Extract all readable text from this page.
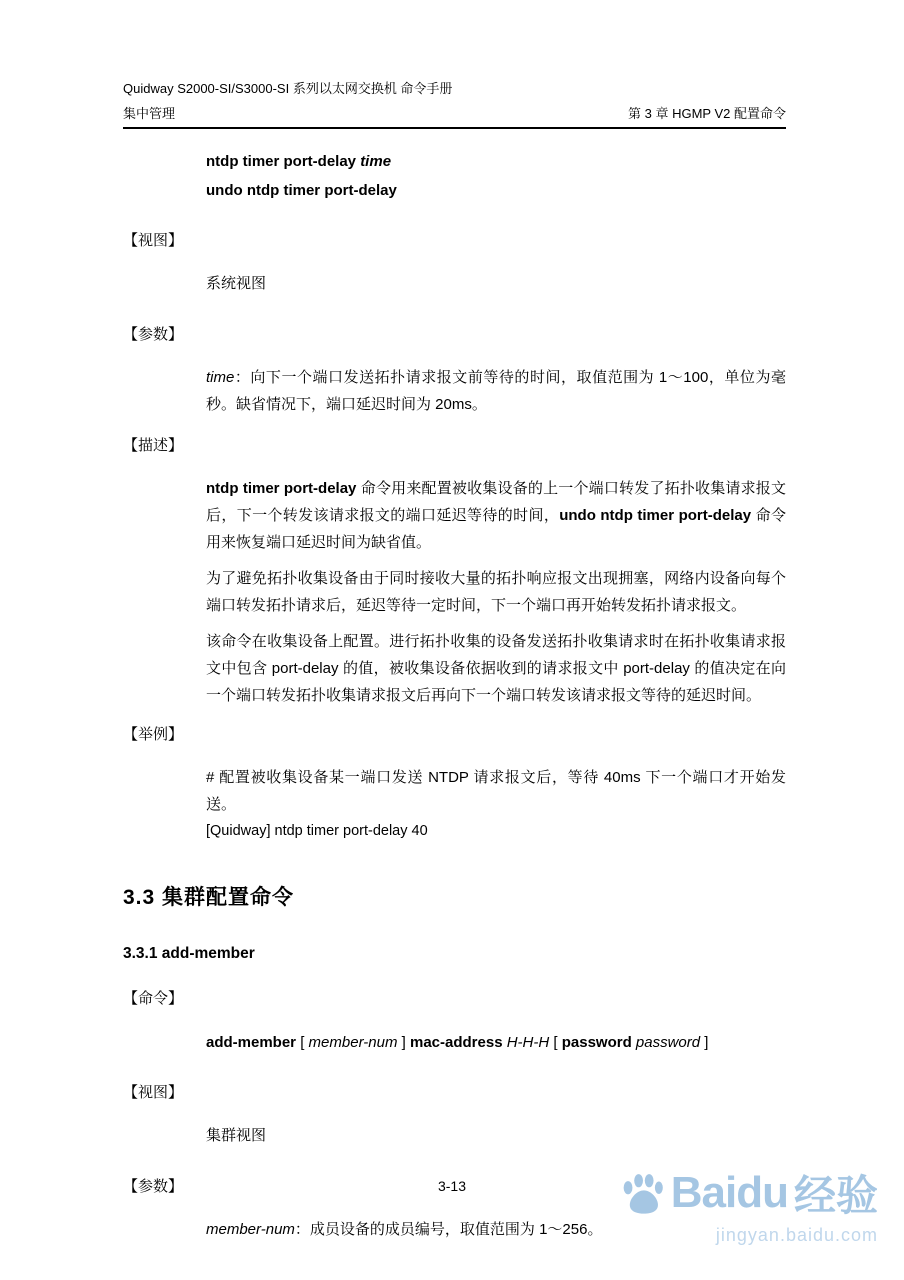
Quidway S2000-SI/S3000-SI 系列以太网交换机 命令手册
集中管理	第 3 章 HGMP V2 配置命令
ntdp timer port-delay time
undo ntdp timer port-delay
【视图】
系统视图
【参数】
time：向下一个端口发送拓扑请求报文前等待的时间，取值范围为 1～100，单位为毫秒。缺省情况下，端口延迟时间为 20ms。
【描述】
ntdp timer port-delay 命令用来配置被收集设备的上一个端口转发了拓扑收集请求报文后，下一个转发该请求报文的端口延迟等待的时间，undo ntdp timer port-delay 命令用来恢复端口延迟时间为缺省值。
为了避免拓扑收集设备由于同时接收大量的拓扑响应报文出现拥塞，网络内设备向每个端口转发拓扑请求后，延迟等待一定时间，下一个端口再开始转发拓扑请求报文。
该命令在收集设备上配置。进行拓扑收集的设备发送拓扑收集请求时在拓扑收集请求报文中包含 port-delay 的值，被收集设备依据收到的请求报文中 port-delay 的值决定在向一个端口转发拓扑收集请求报文后再向下一个端口转发该请求报文等待的延迟时间。
【举例】
# 配置被收集设备某一端口发送 NTDP 请求报文后，等待 40ms 下一个端口才开始发送。
[Quidway] ntdp timer port-delay 40
3.3 集群配置命令
3.3.1 add-member
【命令】
add-member [ member-num ] mac-address H-H-H [ password password ]
【视图】
集群视图
【参数】
member-num：成员设备的成员编号，取值范围为 1～256。
3-13	Baidu 经验
jingyan.baidu.com
